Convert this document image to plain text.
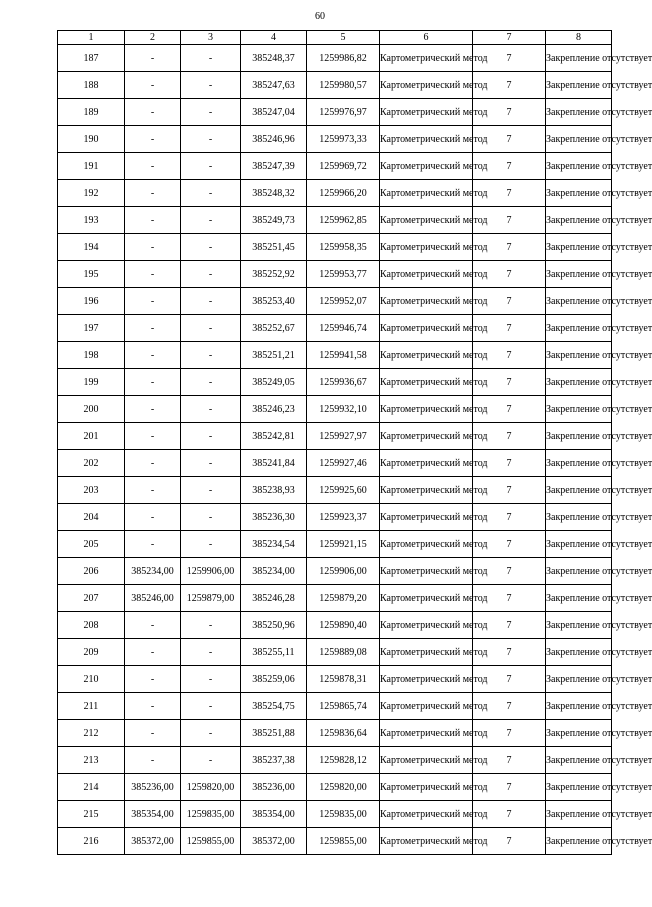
60
1	2	3	4	5	6	7	8
187	-	-	385248,37	1259986,82	Картометрический метод	7	Закрепление отсутствует
188	-	-	385247,63	1259980,57	Картометрический метод	7	Закрепление отсутствует
189	-	-	385247,04	1259976,97	Картометрический метод	7	Закрепление отсутствует
190	-	-	385246,96	1259973,33	Картометрический метод	7	Закрепление отсутствует
191	-	-	385247,39	1259969,72	Картометрический метод	7	Закрепление отсутствует
192	-	-	385248,32	1259966,20	Картометрический метод	7	Закрепление отсутствует
193	-	-	385249,73	1259962,85	Картометрический метод	7	Закрепление отсутствует
194	-	-	385251,45	1259958,35	Картометрический метод	7	Закрепление отсутствует
195	-	-	385252,92	1259953,77	Картометрический метод	7	Закрепление отсутствует
196	-	-	385253,40	1259952,07	Картометрический метод	7	Закрепление отсутствует
197	-	-	385252,67	1259946,74	Картометрический метод	7	Закрепление отсутствует
198	-	-	385251,21	1259941,58	Картометрический метод	7	Закрепление отсутствует
199	-	-	385249,05	1259936,67	Картометрический метод	7	Закрепление отсутствует
200	-	-	385246,23	1259932,10	Картометрический метод	7	Закрепление отсутствует
201	-	-	385242,81	1259927,97	Картометрический метод	7	Закрепление отсутствует
202	-	-	385241,84	1259927,46	Картометрический метод	7	Закрепление отсутствует
203	-	-	385238,93	1259925,60	Картометрический метод	7	Закрепление отсутствует
204	-	-	385236,30	1259923,37	Картометрический метод	7	Закрепление отсутствует
205	-	-	385234,54	1259921,15	Картометрический метод	7	Закрепление отсутствует
206	385234,00	1259906,00	385234,00	1259906,00	Картометрический метод	7	Закрепление отсутствует
207	385246,00	1259879,00	385246,28	1259879,20	Картометрический метод	7	Закрепление отсутствует
208	-	-	385250,96	1259890,40	Картометрический метод	7	Закрепление отсутствует
209	-	-	385255,11	1259889,08	Картометрический метод	7	Закрепление отсутствует
210	-	-	385259,06	1259878,31	Картометрический метод	7	Закрепление отсутствует
211	-	-	385254,75	1259865,74	Картометрический метод	7	Закрепление отсутствует
212	-	-	385251,88	1259836,64	Картометрический метод	7	Закрепление отсутствует
213	-	-	385237,38	1259828,12	Картометрический метод	7	Закрепление отсутствует
214	385236,00	1259820,00	385236,00	1259820,00	Картометрический метод	7	Закрепление отсутствует
215	385354,00	1259835,00	385354,00	1259835,00	Картометрический метод	7	Закрепление отсутствует
216	385372,00	1259855,00	385372,00	1259855,00	Картометрический метод	7	Закрепление отсутствует
